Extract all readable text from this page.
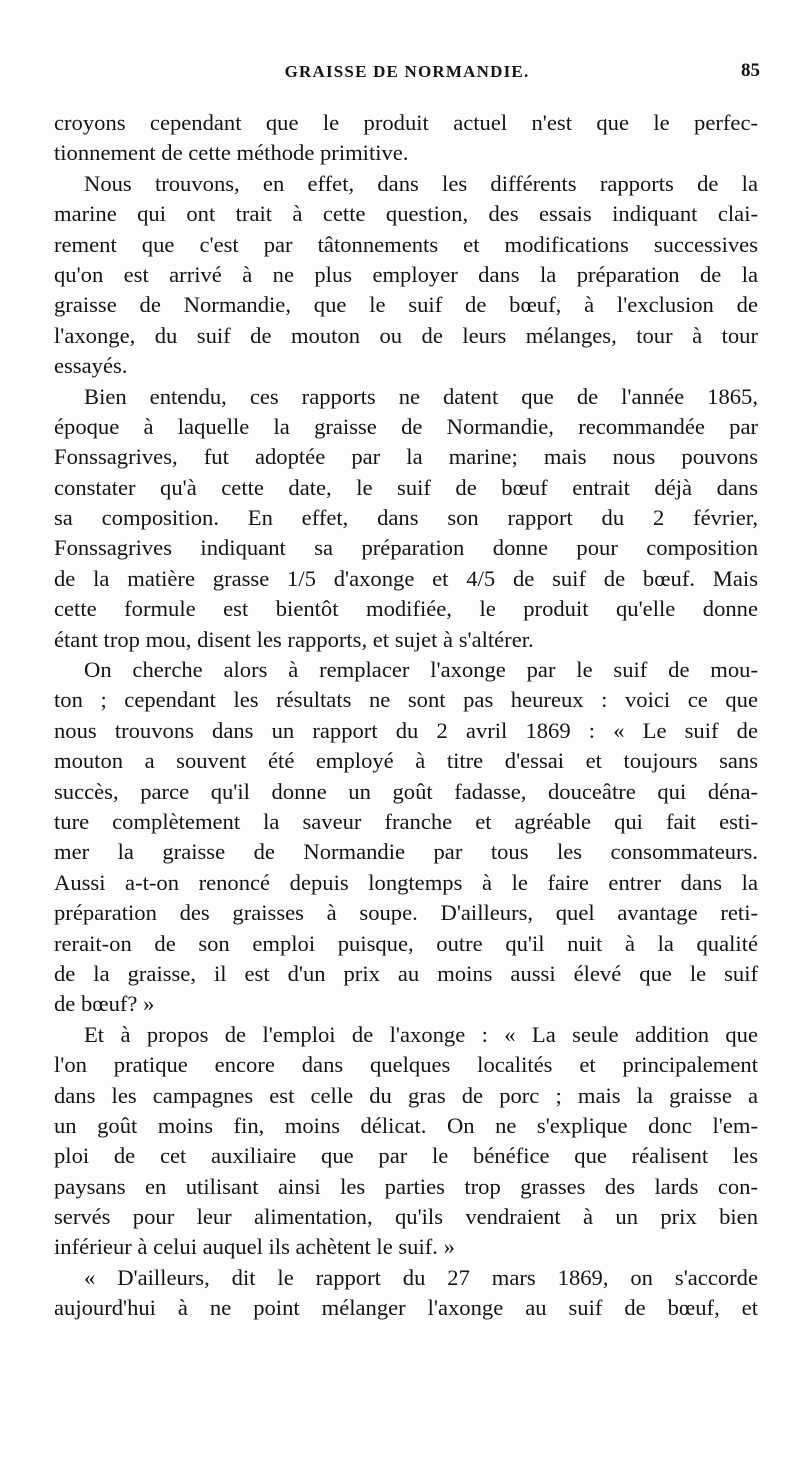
GRAISSE DE NORMANDIE.	85
croyons cependant que le produit actuel n'est que le perfec-
tionnement de cette méthode primitive.
Nous trouvons, en effet, dans les différents rapports de la
marine qui ont trait à cette question, des essais indiquant clai-
rement que c'est par tâtonnements et modifications successives
qu'on est arrivé à ne plus employer dans la préparation de la
graisse de Normandie, que le suif de bœuf, à l'exclusion de
l'axonge, du suif de mouton ou de leurs mélanges, tour à tour
essayés.
Bien entendu, ces rapports ne datent que de l'année 1865,
époque à laquelle la graisse de Normandie, recommandée par
Fonssagrives, fut adoptée par la marine; mais nous pouvons
constater qu'à cette date, le suif de bœuf entrait déjà dans
sa composition. En effet, dans son rapport du 2 février,
Fonssagrives indiquant sa préparation donne pour composition
de la matière grasse 1/5 d'axonge et 4/5 de suif de bœuf. Mais
cette formule est bientôt modifiée, le produit qu'elle donne
étant trop mou, disent les rapports, et sujet à s'altérer.
On cherche alors à remplacer l'axonge par le suif de mou-
ton ; cependant les résultats ne sont pas heureux : voici ce que
nous trouvons dans un rapport du 2 avril 1869 : « Le suif de
mouton a souvent été employé à titre d'essai et toujours sans
succès, parce qu'il donne un goût fadasse, douceâtre qui déna-
ture complètement la saveur franche et agréable qui fait esti-
mer la graisse de Normandie par tous les consommateurs.
Aussi a-t-on renoncé depuis longtemps à le faire entrer dans la
préparation des graisses à soupe. D'ailleurs, quel avantage reti-
rerait-on de son emploi puisque, outre qu'il nuit à la qualité
de la graisse, il est d'un prix au moins aussi élevé que le suif
de bœuf? »
Et à propos de l'emploi de l'axonge : « La seule addition que
l'on pratique encore dans quelques localités et principalement
dans les campagnes est celle du gras de porc ; mais la graisse a
un goût moins fin, moins délicat. On ne s'explique donc l'em-
ploi de cet auxiliaire que par le bénéfice que réalisent les
paysans en utilisant ainsi les parties trop grasses des lards con-
servés pour leur alimentation, qu'ils vendraient à un prix bien
inférieur à celui auquel ils achètent le suif. »
« D'ailleurs, dit le rapport du 27 mars 1869, on s'accorde
aujourd'hui à ne point mélanger l'axonge au suif de bœuf, et
